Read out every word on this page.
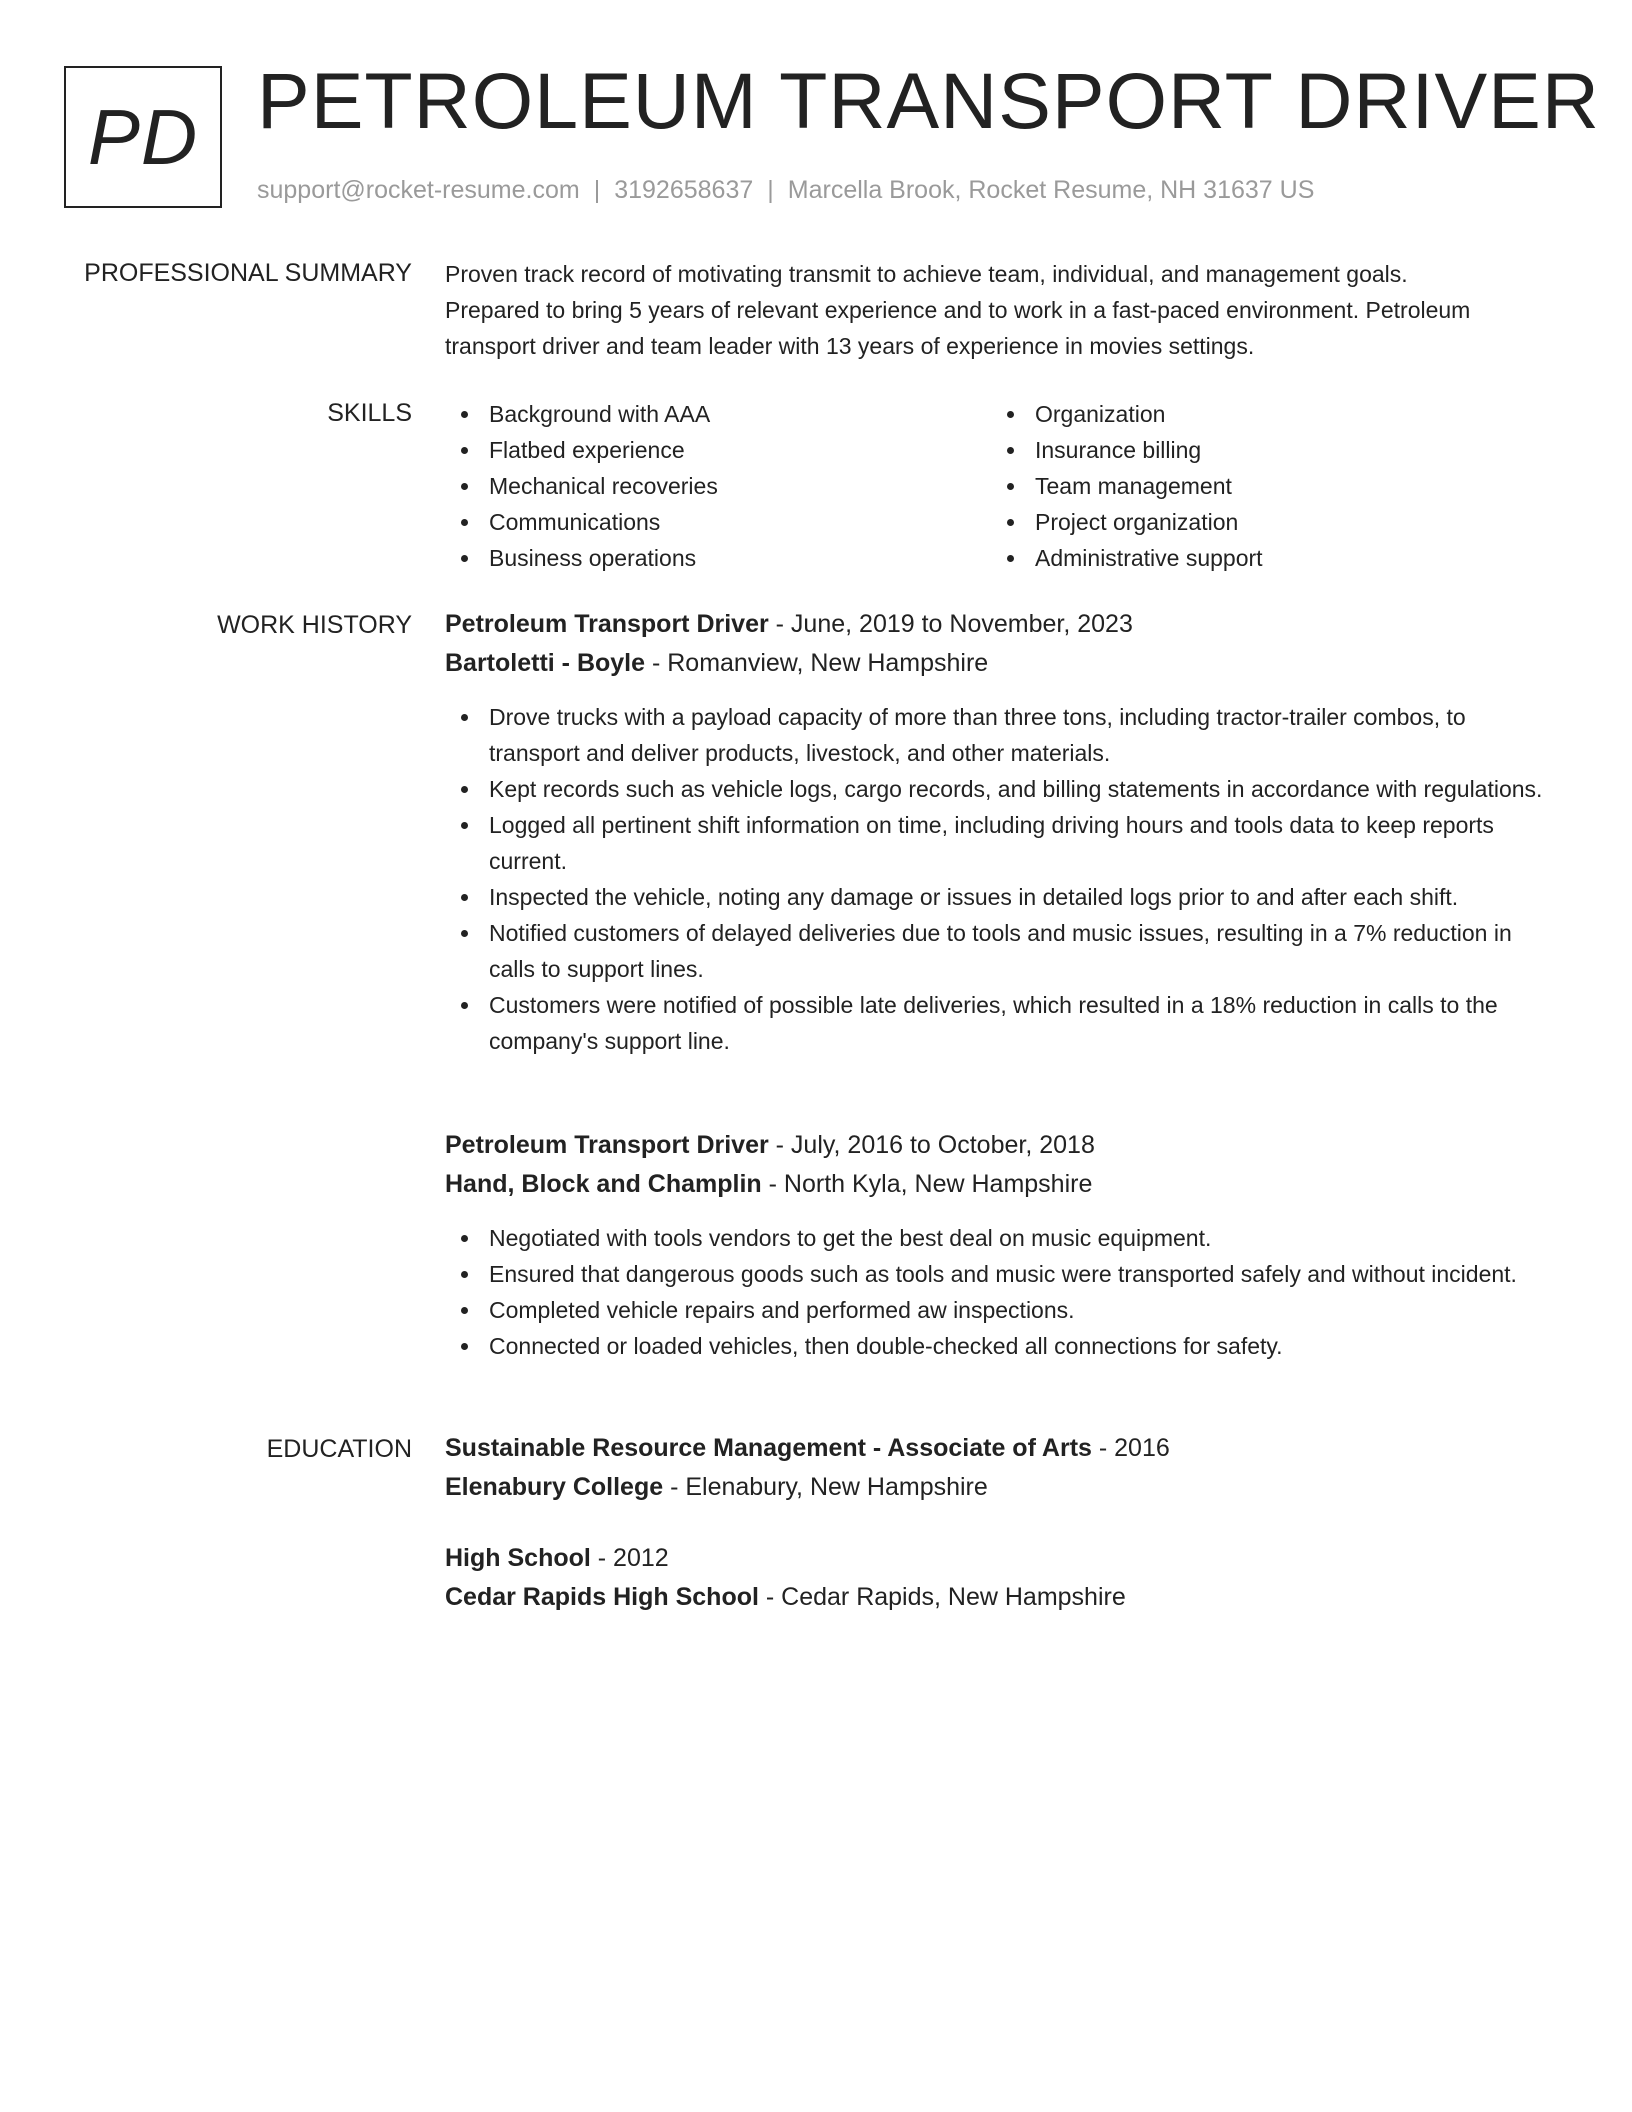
PD PETROLEUM TRANSPORT DRIVER
support@rocket-resume.com | 3192658637 | Marcella Brook, Rocket Resume, NH 31637 US
PROFESSIONAL SUMMARY Proven track record of motivating transmit to achieve team, individual, and management goals.

Prepared to bring 5 years of relevant experience and to work in a fast-paced environment. Petroleum

transport driver and team leader with 13 years of experience in movies settings.

SKILLS	Background with AAA
Flatbed experience
Mechanical recoveries
Communications
Business operations
Organization
Insurance billing
Team management
Project organization
Administrative support
WORK HISTORY Petroleum Transport Driver - June, 2019 to November, 2023
Bartoletti - Boyle - Romanview, New Hampshire
Drove trucks with a payload capacity of more than three tons, including tractor-trailer combos, to transport and deliver products, livestock, and other materials.
Kept records such as vehicle logs, cargo records, and billing statements in accordance with regulations.
Logged all pertinent shift information on time, including driving hours and tools data to keep reports current.
Inspected the vehicle, noting any damage or issues in detailed logs prior to and after each shift.
Notified customers of delayed deliveries due to tools and music issues, resulting in a 7% reduction in calls to support lines.
Customers were notified of possible late deliveries, which resulted in a 18% reduction in calls to the company's support line.
Petroleum Transport Driver - July, 2016 to October, 2018
Hand, Block and Champlin - North Kyla, New Hampshire
Negotiated with tools vendors to get the best deal on music equipment.
Ensured that dangerous goods such as tools and music were transported safely and without incident.
Completed vehicle repairs and performed aw inspections.
Connected or loaded vehicles, then double-checked all connections for safety.
EDUCATION Sustainable Resource Management - Associate of Arts - 2016
Elenabury College - Elenabury, New Hampshire
High School - 2012
Cedar Rapids High School - Cedar Rapids, New Hampshire
